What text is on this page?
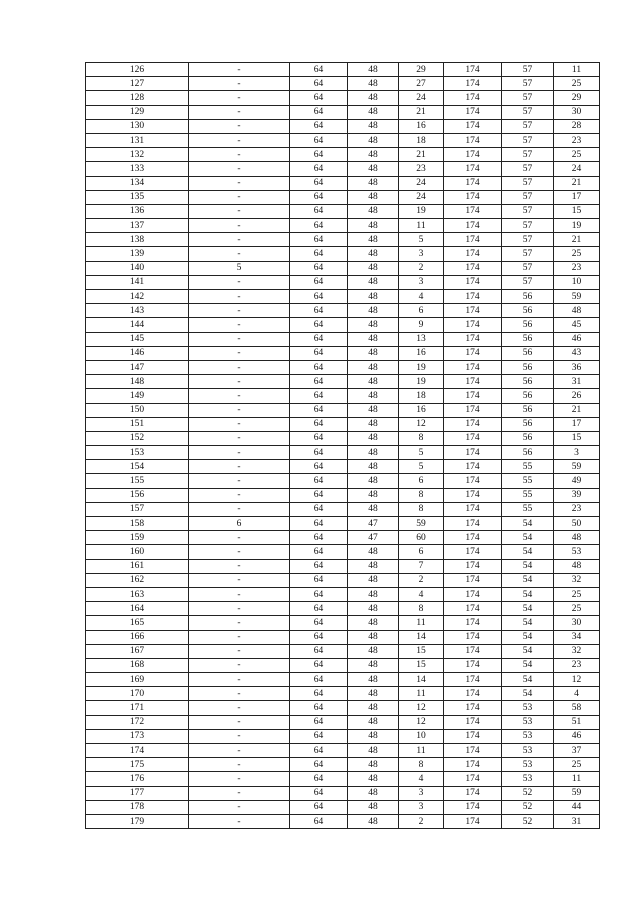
126	-	64	48	29	174	57	11
127	-	64	48	27	174	57	25
128	-	64	48	24	174	57	29
129	-	64	48	21	174	57	30
130	-	64	48	16	174	57	28
131	-	64	48	18	174	57	23
132	-	64	48	21	174	57	25
133	-	64	48	23	174	57	24
134	-	64	48	24	174	57	21
135	-	64	48	24	174	57	17
136	-	64	48	19	174	57	15
137	-	64	48	11	174	57	19
138	-	64	48	5	174	57	21
139	-	64	48	3	174	57	25
140	5	64	48	2	174	57	23
141	-	64	48	3	174	57	10
142	-	64	48	4	174	56	59
143	-	64	48	6	174	56	48
144	-	64	48	9	174	56	45
145	-	64	48	13	174	56	46
146	-	64	48	16	174	56	43
147	-	64	48	19	174	56	36
148	-	64	48	19	174	56	31
149	-	64	48	18	174	56	26
150	-	64	48	16	174	56	21
151	-	64	48	12	174	56	17
152	-	64	48	8	174	56	15
153	-	64	48	5	174	56	3
154	-	64	48	5	174	55	59
155	-	64	48	6	174	55	49
156	-	64	48	8	174	55	39
157	-	64	48	8	174	55	23
158	6	64	47	59	174	54	50
159	-	64	47	60	174	54	48
160	-	64	48	6	174	54	53
161	-	64	48	7	174	54	48
162	-	64	48	2	174	54	32
163	-	64	48	4	174	54	25
164	-	64	48	8	174	54	25
165	-	64	48	11	174	54	30
166	-	64	48	14	174	54	34
167	-	64	48	15	174	54	32
168	-	64	48	15	174	54	23
169	-	64	48	14	174	54	12
170	-	64	48	11	174	54	4
171	-	64	48	12	174	53	58
172	-	64	48	12	174	53	51
173	-	64	48	10	174	53	46
174	-	64	48	11	174	53	37
175	-	64	48	8	174	53	25
176	-	64	48	4	174	53	11
177	-	64	48	3	174	52	59
178	-	64	48	3	174	52	44
179	-	64	48	2	174	52	31
